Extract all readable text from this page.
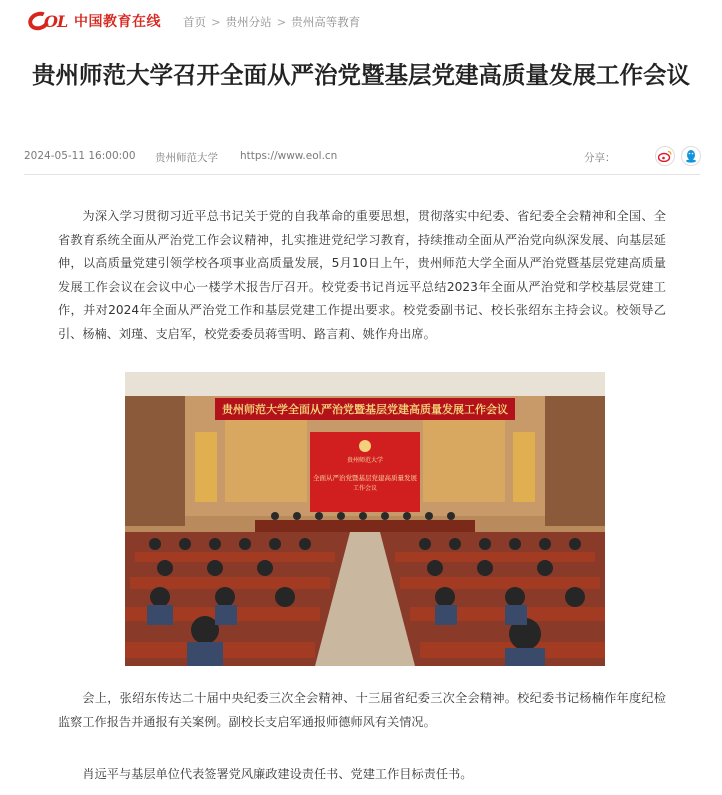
OL 中国教育在线 首页 > 贵州分站 > 贵州高等教育
贵州师范大学召开全面从严治党暨基层党建高质量发展工作会议
2024-05-11 16:00:00 贵州师范大学 https://www.eol.cn	分享：

为深入学习贯彻习近平总书记关于党的自我革命的重要思想，贯彻落实中纪委、省纪委全会精神和全国、全省教育系统全面从严治党工作会议精神，扎实推进党纪学习教育，持续推动全面从严治党向纵深发展、向基层延伸，以高质量党建引领学校各项事业高质量发展，5月10日上午，贵州师范大学全面从严治党暨基层党建高质量发展工作会议在会议中心一楼学术报告厅召开。校党委书记肖远平总结2023年全面从严治党和学校基层党建工作，并对2024年全面从严治党工作和基层党建工作提出要求。校党委副书记、校长张绍东主持会议。校领导乙引、杨楠、刘瑾、支启军，校党委委员蒋雪明、路言莉、姚作舟出席。

贵州师范大学全面从严治党暨基层党建高质量发展工作会议
贵州师范大学
全面从严治党暨基层党建高质量发展
工作会议

会上，张绍东传达二十届中央纪委三次全会精神、十三届省纪委三次全会精神。校纪委书记杨楠作年度纪检监察工作报告并通报有关案例。副校长支启军通报师德师风有关情况。

肖远平与基层单位代表签署党风廉政建设责任书、党建工作目标责任书。
